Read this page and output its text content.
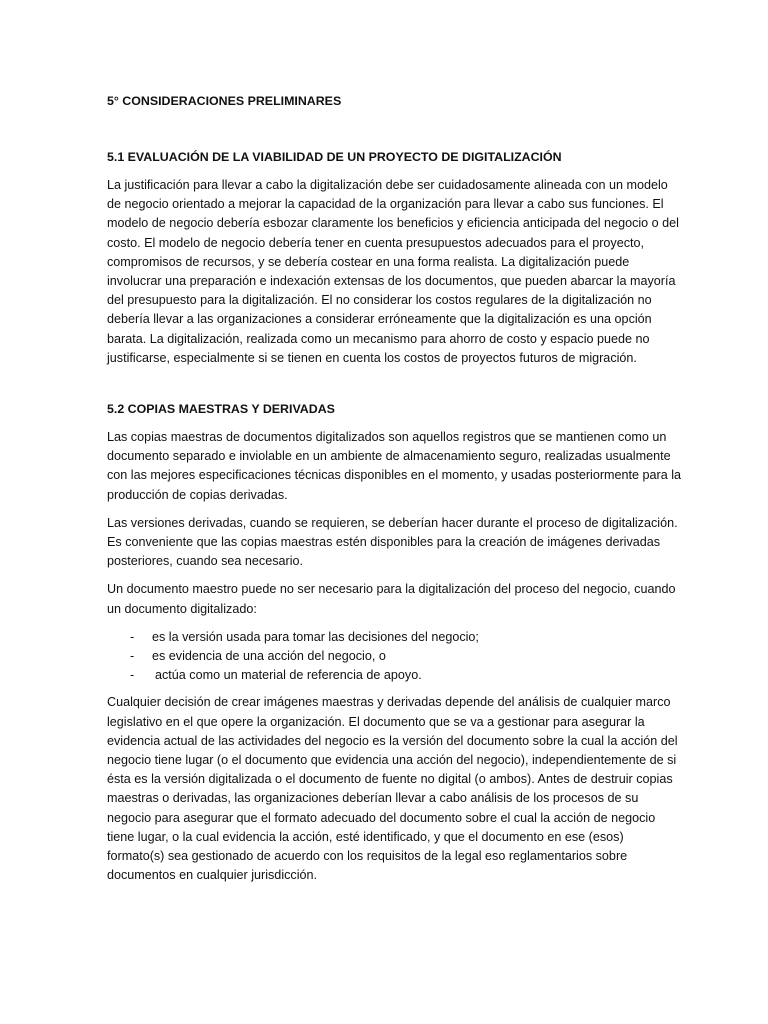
5° CONSIDERACIONES PRELIMINARES
5.1 EVALUACIÓN DE LA VIABILIDAD DE UN PROYECTO DE DIGITALIZACIÓN

La justificación para llevar a cabo la digitalización debe ser cuidadosamente alineada con un modelo de negocio orientado a mejorar la capacidad de la organización para llevar a cabo sus funciones. El modelo de negocio debería esbozar claramente los beneficios y eficiencia anticipada del negocio o del costo. El modelo de negocio debería tener en cuenta presupuestos adecuados para el proyecto, compromisos de recursos, y se debería costear en una forma realista. La digitalización puede involucrar una preparación e indexación extensas de los documentos, que pueden abarcar la mayoría del presupuesto para la digitalización. El no considerar los costos regulares de la digitalización no debería llevar a las organizaciones a considerar erróneamente que la digitalización es una opción barata. La digitalización, realizada como un mecanismo para ahorro de costo y espacio puede no justificarse, especialmente si se tienen en cuenta los costos de proyectos futuros de migración.

5.2 COPIAS MAESTRAS Y DERIVADAS

Las copias maestras de documentos digitalizados son aquellos registros que se mantienen como un documento separado e inviolable en un ambiente de almacenamiento seguro, realizadas usualmente con las mejores especificaciones técnicas disponibles en el momento, y usadas posteriormente para la producción de copias derivadas.

Las versiones derivadas, cuando se requieren, se deberían hacer durante el proceso de digitalización. Es conveniente que las copias maestras estén disponibles para la creación de imágenes derivadas posteriores, cuando sea necesario.

Un documento maestro puede no ser necesario para la digitalización del proceso del negocio, cuando un documento digitalizado:

- es la versión usada para tomar las decisiones del negocio;
- es evidencia de una acción del negocio, o
- actúa como un material de referencia de apoyo.

Cualquier decisión de crear imágenes maestras y derivadas depende del análisis de cualquier marco legislativo en el que opere la organización. El documento que se va a gestionar para asegurar la evidencia actual de las actividades del negocio es la versión del documento sobre la cual la acción del negocio tiene lugar (o el documento que evidencia una acción del negocio), independientemente de si ésta es la versión digitalizada o el documento de fuente no digital (o ambos). Antes de destruir copias maestras o derivadas, las organizaciones deberían llevar a cabo análisis de los procesos de su negocio para asegurar que el formato adecuado del documento sobre el cual la acción de negocio tiene lugar, o la cual evidencia la acción, esté identificado, y que el documento en ese (esos) formato(s) sea gestionado de acuerdo con los requisitos de la legal eso reglamentarios sobre documentos en cualquier jurisdicción.
